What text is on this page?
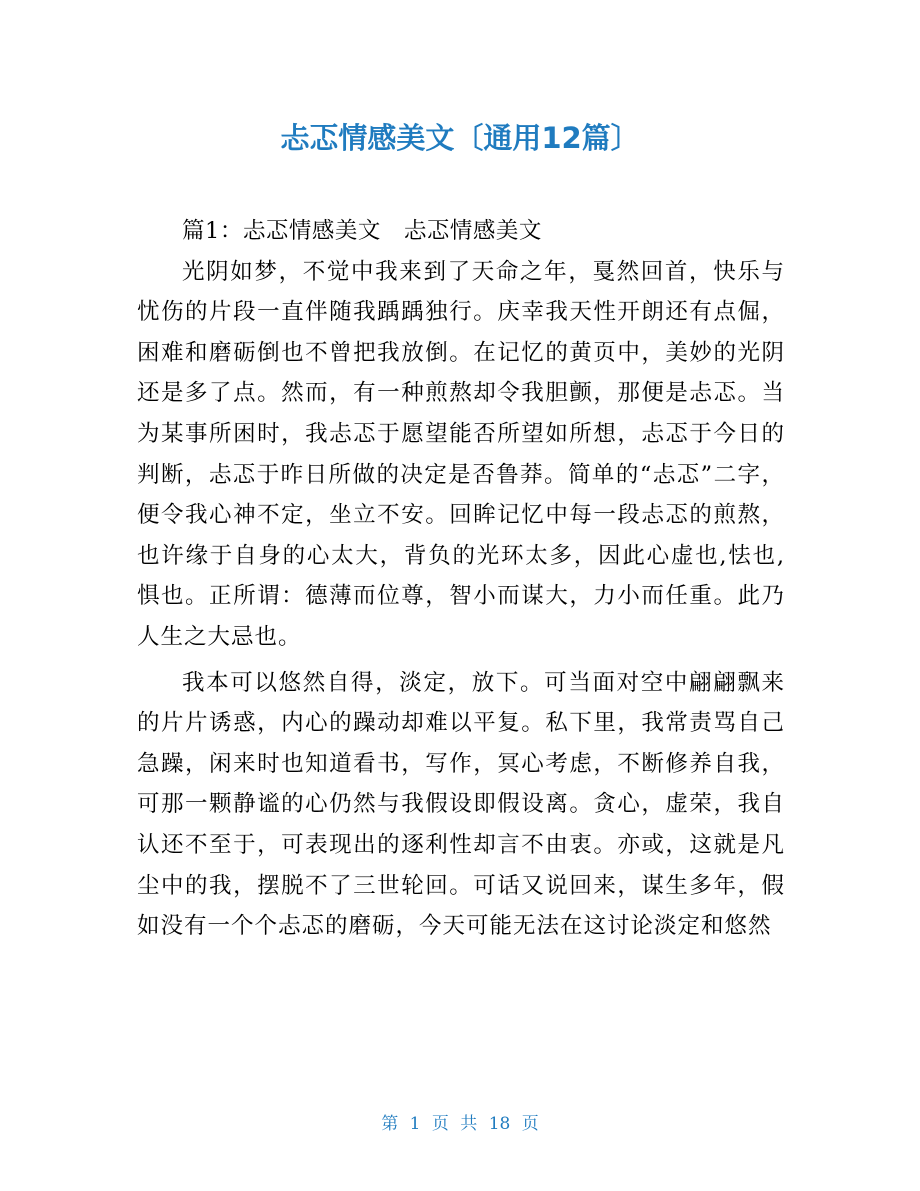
忐忑情感美文〔通用12篇〕

篇1：忐忑情感美文　忐忑情感美文

光阴如梦，不觉中我来到了天命之年，戛然回首，快乐与忧伤的片段一直伴随我踽踽独行。庆幸我天性开朗还有点倔，困难和磨砺倒也不曾把我放倒。在记忆的黄页中，美妙的光阴还是多了点。然而，有一种煎熬却令我胆颤，那便是忐忑。当为某事所困时，我忐忑于愿望能否所望如所想，忐忑于今日的判断，忐忑于昨日所做的决定是否鲁莽。简单的“忐忑”二字，便令我心神不定，坐立不安。回眸记忆中每一段忐忑的煎熬，也许缘于自身的心太大，背负的光环太多，因此心虚也,怯也,惧也。正所谓：德薄而位尊，智小而谋大，力小而任重。此乃人生之大忌也。

我本可以悠然自得，淡定，放下。可当面对空中翩翩飘来的片片诱惑，内心的躁动却难以平复。私下里，我常责骂自己急躁，闲来时也知道看书，写作，冥心考虑，不断修养自我，可那一颗静谧的心仍然与我假设即假设离。贪心，虚荣，我自认还不至于，可表现出的逐利性却言不由衷。亦或，这就是凡尘中的我，摆脱不了三世轮回。可话又说回来，谋生多年，假如没有一个个忐忑的磨砺，今天可能无法在这讨论淡定和悠然

第 1 页 共 18 页
